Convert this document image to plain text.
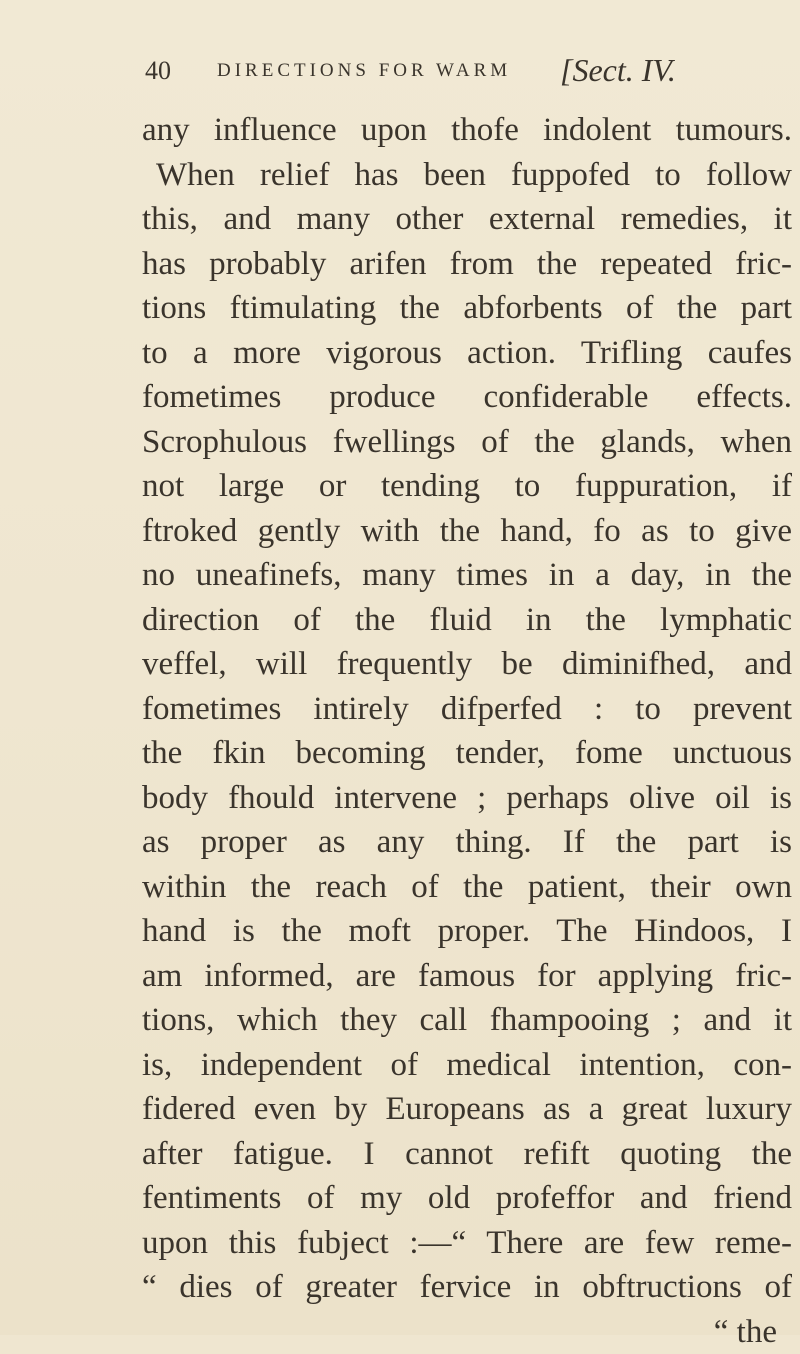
40 DIRECTIONS FOR WARM [Sect. IV.
any influence upon thofe indolent tumours.
When relief has been fuppofed to follow
this, and many other external remedies, it
has probably arifen from the repeated fric-
tions ftimulating the abforbents of the part
to a more vigorous action. Trifling caufes
fometimes produce confiderable effects.
Scrophulous fwellings of the glands, when
not large or tending to fuppuration, if
ftroked gently with the hand, fo as to give
no uneafinefs, many times in a day, in the
direction of the fluid in the lymphatic
veffel, will frequently be diminifhed, and
fometimes intirely difperfed : to prevent
the fkin becoming tender, fome unctuous
body fhould intervene ; perhaps olive oil is
as proper as any thing. If the part is
within the reach of the patient, their own
hand is the moft proper. The Hindoos, I
am informed, are famous for applying fric-
tions, which they call fhampooing ; and it
is, independent of medical intention, con-
fidered even by Europeans as a great luxury
after fatigue. I cannot refift quoting the
fentiments of my old profeffor and friend
upon this fubject :—“ There are few reme-
“ dies of greater fervice in obftructions of
“ the
